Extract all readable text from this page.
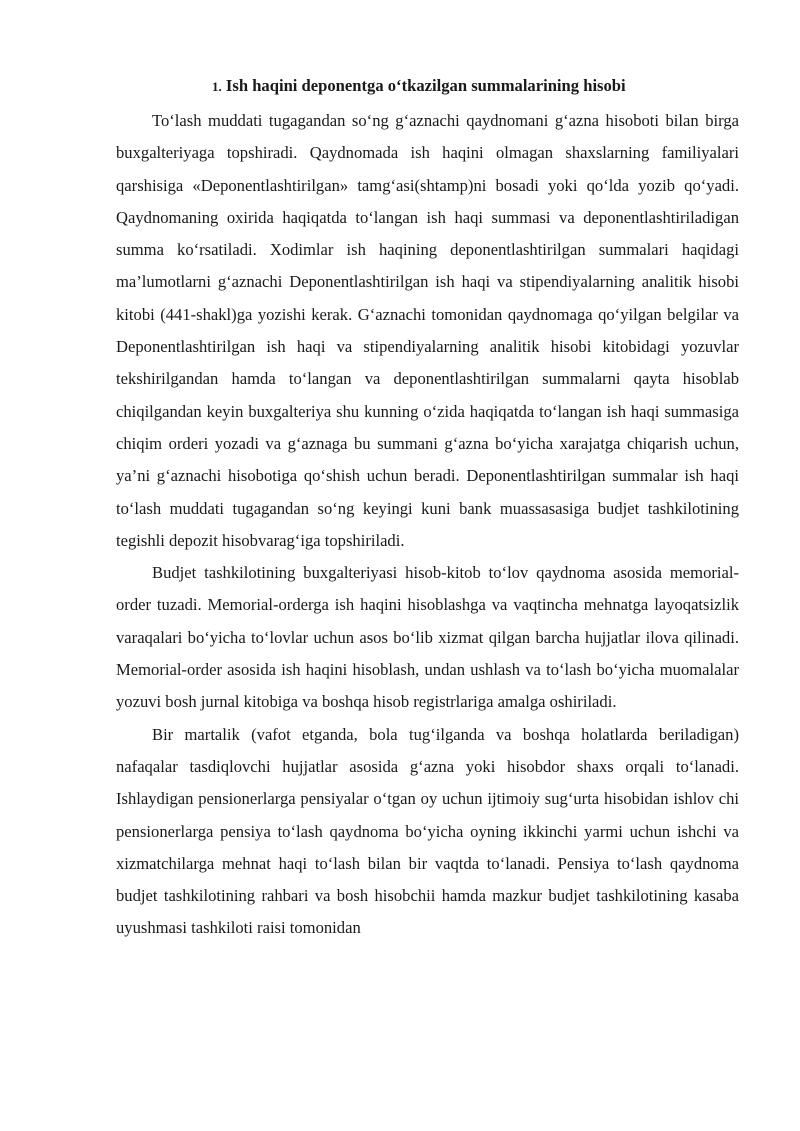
1. Ish haqini deponentga o‘tkazilgan summalarining hisobi

To‘lash muddati tugagandan so‘ng g‘aznachi qaydnomani g‘azna hisoboti bilan birga buxgalteriyaga topshiradi. Qaydnomada ish haqini olmagan shaxslarning familiyalari qarshisiga «Deponentlashtirilgan» tamg‘asi(shtamp)ni bosadi yoki qo‘lda yozib qo‘yadi. Qaydnomaning oxirida haqiqatda to‘langan ish haqi summasi va deponentlashtiriladigan summa ko‘rsatiladi. Xodimlar ish haqining deponentlashtirilgan summalari haqidagi ma’lumotlarni g‘aznachi Deponentlashtirilgan ish haqi va stipendiyalarning analitik hisobi kitobi (441-shakl)ga yozishi kerak. G‘aznachi tomonidan qaydnomaga qo‘yilgan belgilar va Deponentlashtirilgan ish haqi va stipendiyalarning analitik hisobi kitobidagi yozuvlar tekshirilgandan hamda to‘langan va deponentlashtirilgan summalarni qayta hisoblab chiqilgandan keyin buxgalteriya shu kunning o‘zida haqiqatda to‘langan ish haqi summasiga chiqim orderi yozadi va g‘aznaga bu summani g‘azna bo‘yicha xarajatga chiqarish uchun, ya’ni g‘aznachi hisobotiga qo‘shish uchun beradi. Deponentlashtirilgan summalar ish haqi to‘lash muddati tugagandan so‘ng keyingi kuni bank muassasasiga budjet tashkilotining tegishli depozit hisobvarag‘iga topshiriladi.

Budjet tashkilotining buxgalteriyasi hisob-kitob to‘lov qaydnoma asosida memorial-order tuzadi. Memorial-orderga ish haqini hisoblashga va vaqtincha mehnatga layoqatsizlik varaqalari bo‘yicha to‘lovlar uchun asos bo‘lib xizmat qilgan barcha hujjatlar ilova qilinadi. Memorial-order asosida ish haqini hisoblash, undan ushlash va to‘lash bo‘yicha muomalalar yozuvi bosh jurnal kitobiga va boshqa hisob registrlariga amalga oshiriladi.

Bir martalik (vafot etganda, bola tug‘ilganda va boshqa holatlarda beriladigan) nafaqalar tasdiqlovchi hujjatlar asosida g‘azna yoki hisobdor shaxs orqali to‘lanadi. Ishlaydigan pensionerlarga pensiyalar o‘tgan oy uchun ijtimoiy sug‘urta hisobidan ishlov chi pensionerlarga pensiya to‘lash qaydnoma bo‘yicha oyning ikkinchi yarmi uchun ishchi va xizmatchilarga mehnat haqi to‘lash bilan bir vaqtda to‘lanadi. Pensiya to‘lash qaydnoma budjet tashkilotining rahbari va bosh hisobchii hamda mazkur budjet tashkilotining kasaba uyushmasi tashkiloti raisi tomonidan
